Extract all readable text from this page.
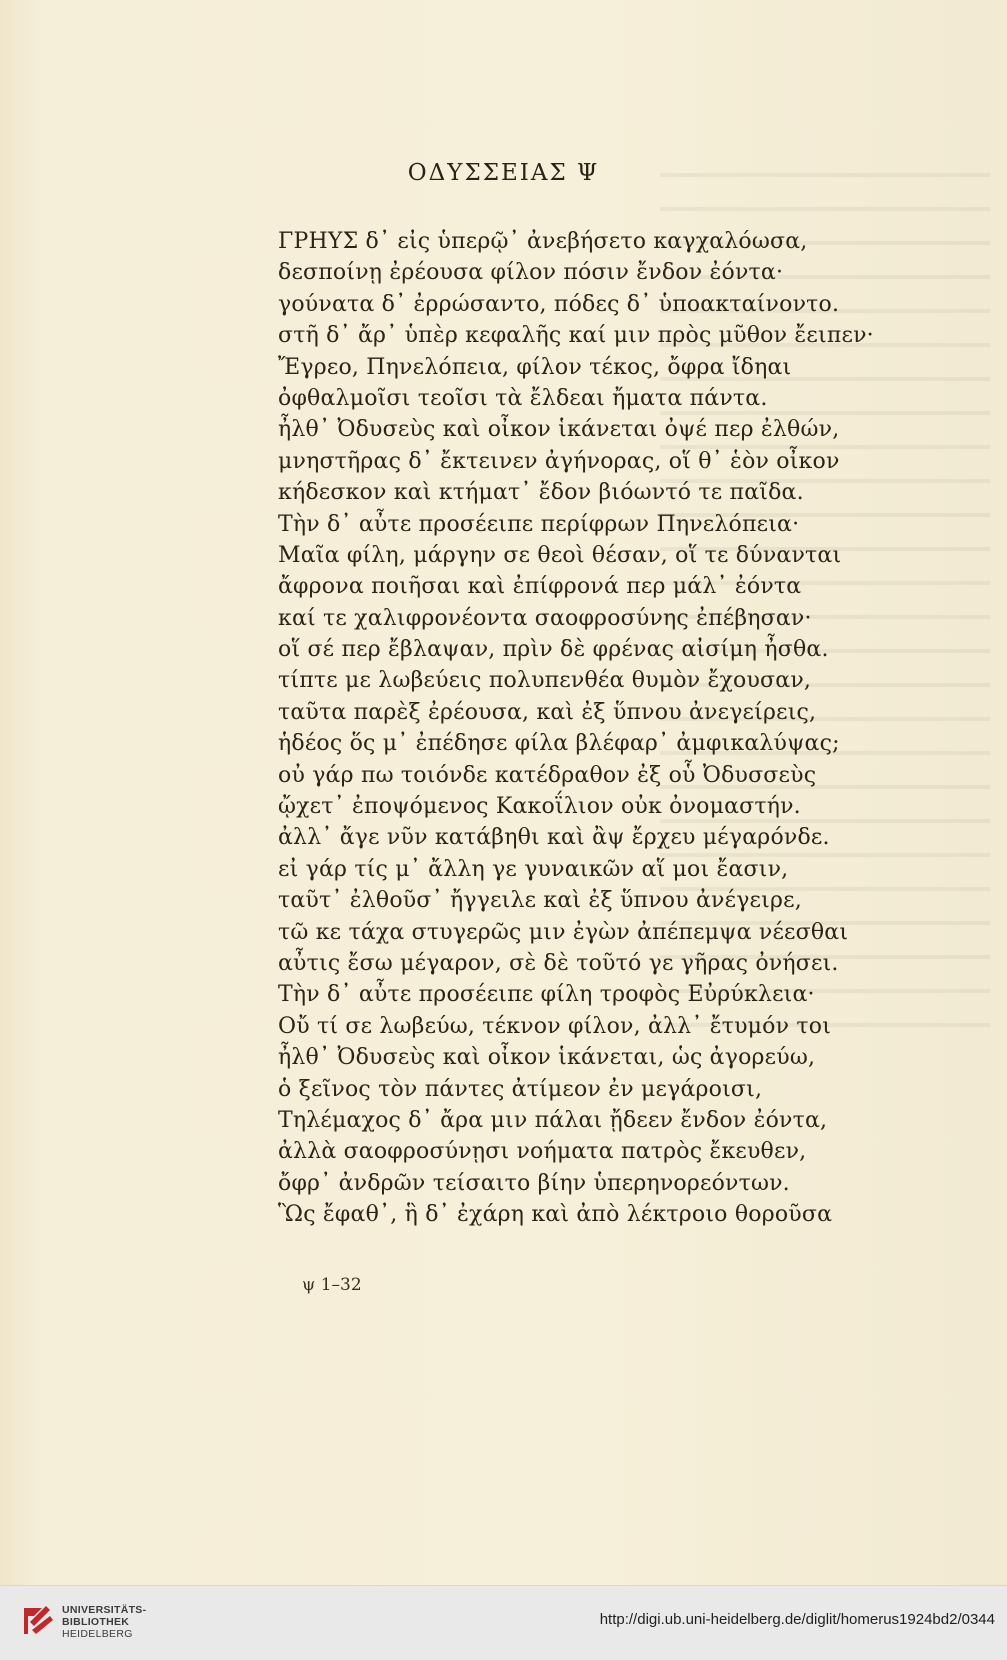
ΟΔΥΣΣΕΙΑΣ Ψ
ΓΡΗΥΣ δ᾽ εἰς ὑπερῷ᾽ ἀνεβήσετο καγχαλόωσα,
δεσποίνῃ ἐρέουσα φίλον πόσιν ἔνδον ἐόντα·
γούνατα δ᾽ ἐρρώσαντο, πόδες δ᾽ ὑποακταίνοντο.
στῆ δ᾽ ἄρ᾽ ὑπὲρ κεφαλῆς καί μιν πρὸς μῦθον ἔειπεν·
Ἔγρεο, Πηνελόπεια, φίλον τέκος, ὄφρα ἴδηαι
ὀφθαλμοῖσι τεοῖσι τὰ ἔλδεαι ἤματα πάντα.
ἦλθ᾽ Ὀδυσεὺς καὶ οἶκον ἱκάνεται ὀψέ περ ἐλθών,
μνηστῆρας δ᾽ ἔκτεινεν ἀγήνορας, οἵ θ᾽ ἑὸν οἶκον
κήδεσκον καὶ κτήματ᾽ ἔδον βιόωντό τε παῖδα.
Τὴν δ᾽ αὖτε προσέειπε περίφρων Πηνελόπεια·
Μαῖα φίλη, μάργην σε θεοὶ θέσαν, οἵ τε δύνανται
ἄφρονα ποιῆσαι καὶ ἐπίφρονά περ μάλ᾽ ἐόντα
καί τε χαλιφρονέοντα σαοφροσύνης ἐπέβησαν·
οἵ σέ περ ἔβλαψαν, πρὶν δὲ φρένας αἰσίμη ἦσθα.
τίπτε με λωβεύεις πολυπενθέα θυμὸν ἔχουσαν,
ταῦτα παρὲξ ἐρέουσα, καὶ ἐξ ὕπνου ἀνεγείρεις,
ἡδέος ὅς μ᾽ ἐπέδησε φίλα βλέφαρ᾽ ἀμφικαλύψας;
οὐ γάρ πω τοιόνδε κατέδραθον ἐξ οὗ Ὀδυσσεὺς
ᾤχετ᾽ ἐποψόμενος Κακοΐλιον οὐκ ὀνομαστήν.
ἀλλ᾽ ἄγε νῦν κατάβηθι καὶ ἂψ ἔρχευ μέγαρόνδε.
εἰ γάρ τίς μ᾽ ἄλλη γε γυναικῶν αἵ μοι ἔασιν,
ταῦτ᾽ ἐλθοῦσ᾽ ἤγγειλε καὶ ἐξ ὕπνου ἀνέγειρε,
τῶ κε τάχα στυγερῶς μιν ἐγὼν ἀπέπεμψα νέεσθαι
αὖτις ἔσω μέγαρον, σὲ δὲ τοῦτό γε γῆρας ὀνήσει.
Τὴν δ᾽ αὖτε προσέειπε φίλη τροφὸς Εὐρύκλεια·
Οὔ τί σε λωβεύω, τέκνον φίλον, ἀλλ᾽ ἔτυμόν τοι
ἦλθ᾽ Ὀδυσεὺς καὶ οἶκον ἱκάνεται, ὡς ἀγορεύω,
ὁ ξεῖνος τὸν πάντες ἀτίμεον ἐν μεγάροισι,
Τηλέμαχος δ᾽ ἄρα μιν πάλαι ᾔδεεν ἔνδον ἐόντα,
ἀλλὰ σαοφροσύνῃσι νοήματα πατρὸς ἔκευθεν,
ὄφρ᾽ ἀνδρῶν τείσαιτο βίην ὑπερηνορεόντων.
Ὣς ἔφαθ᾽, ἣ δ᾽ ἐχάρη καὶ ἀπὸ λέκτροιο θοροῦσα
ψ 1–32
UNIVERSITÄTS-
BIBLIOTHEK
HEIDELBERG
http://digi.ub.uni-heidelberg.de/diglit/homerus1924bd2/0344
